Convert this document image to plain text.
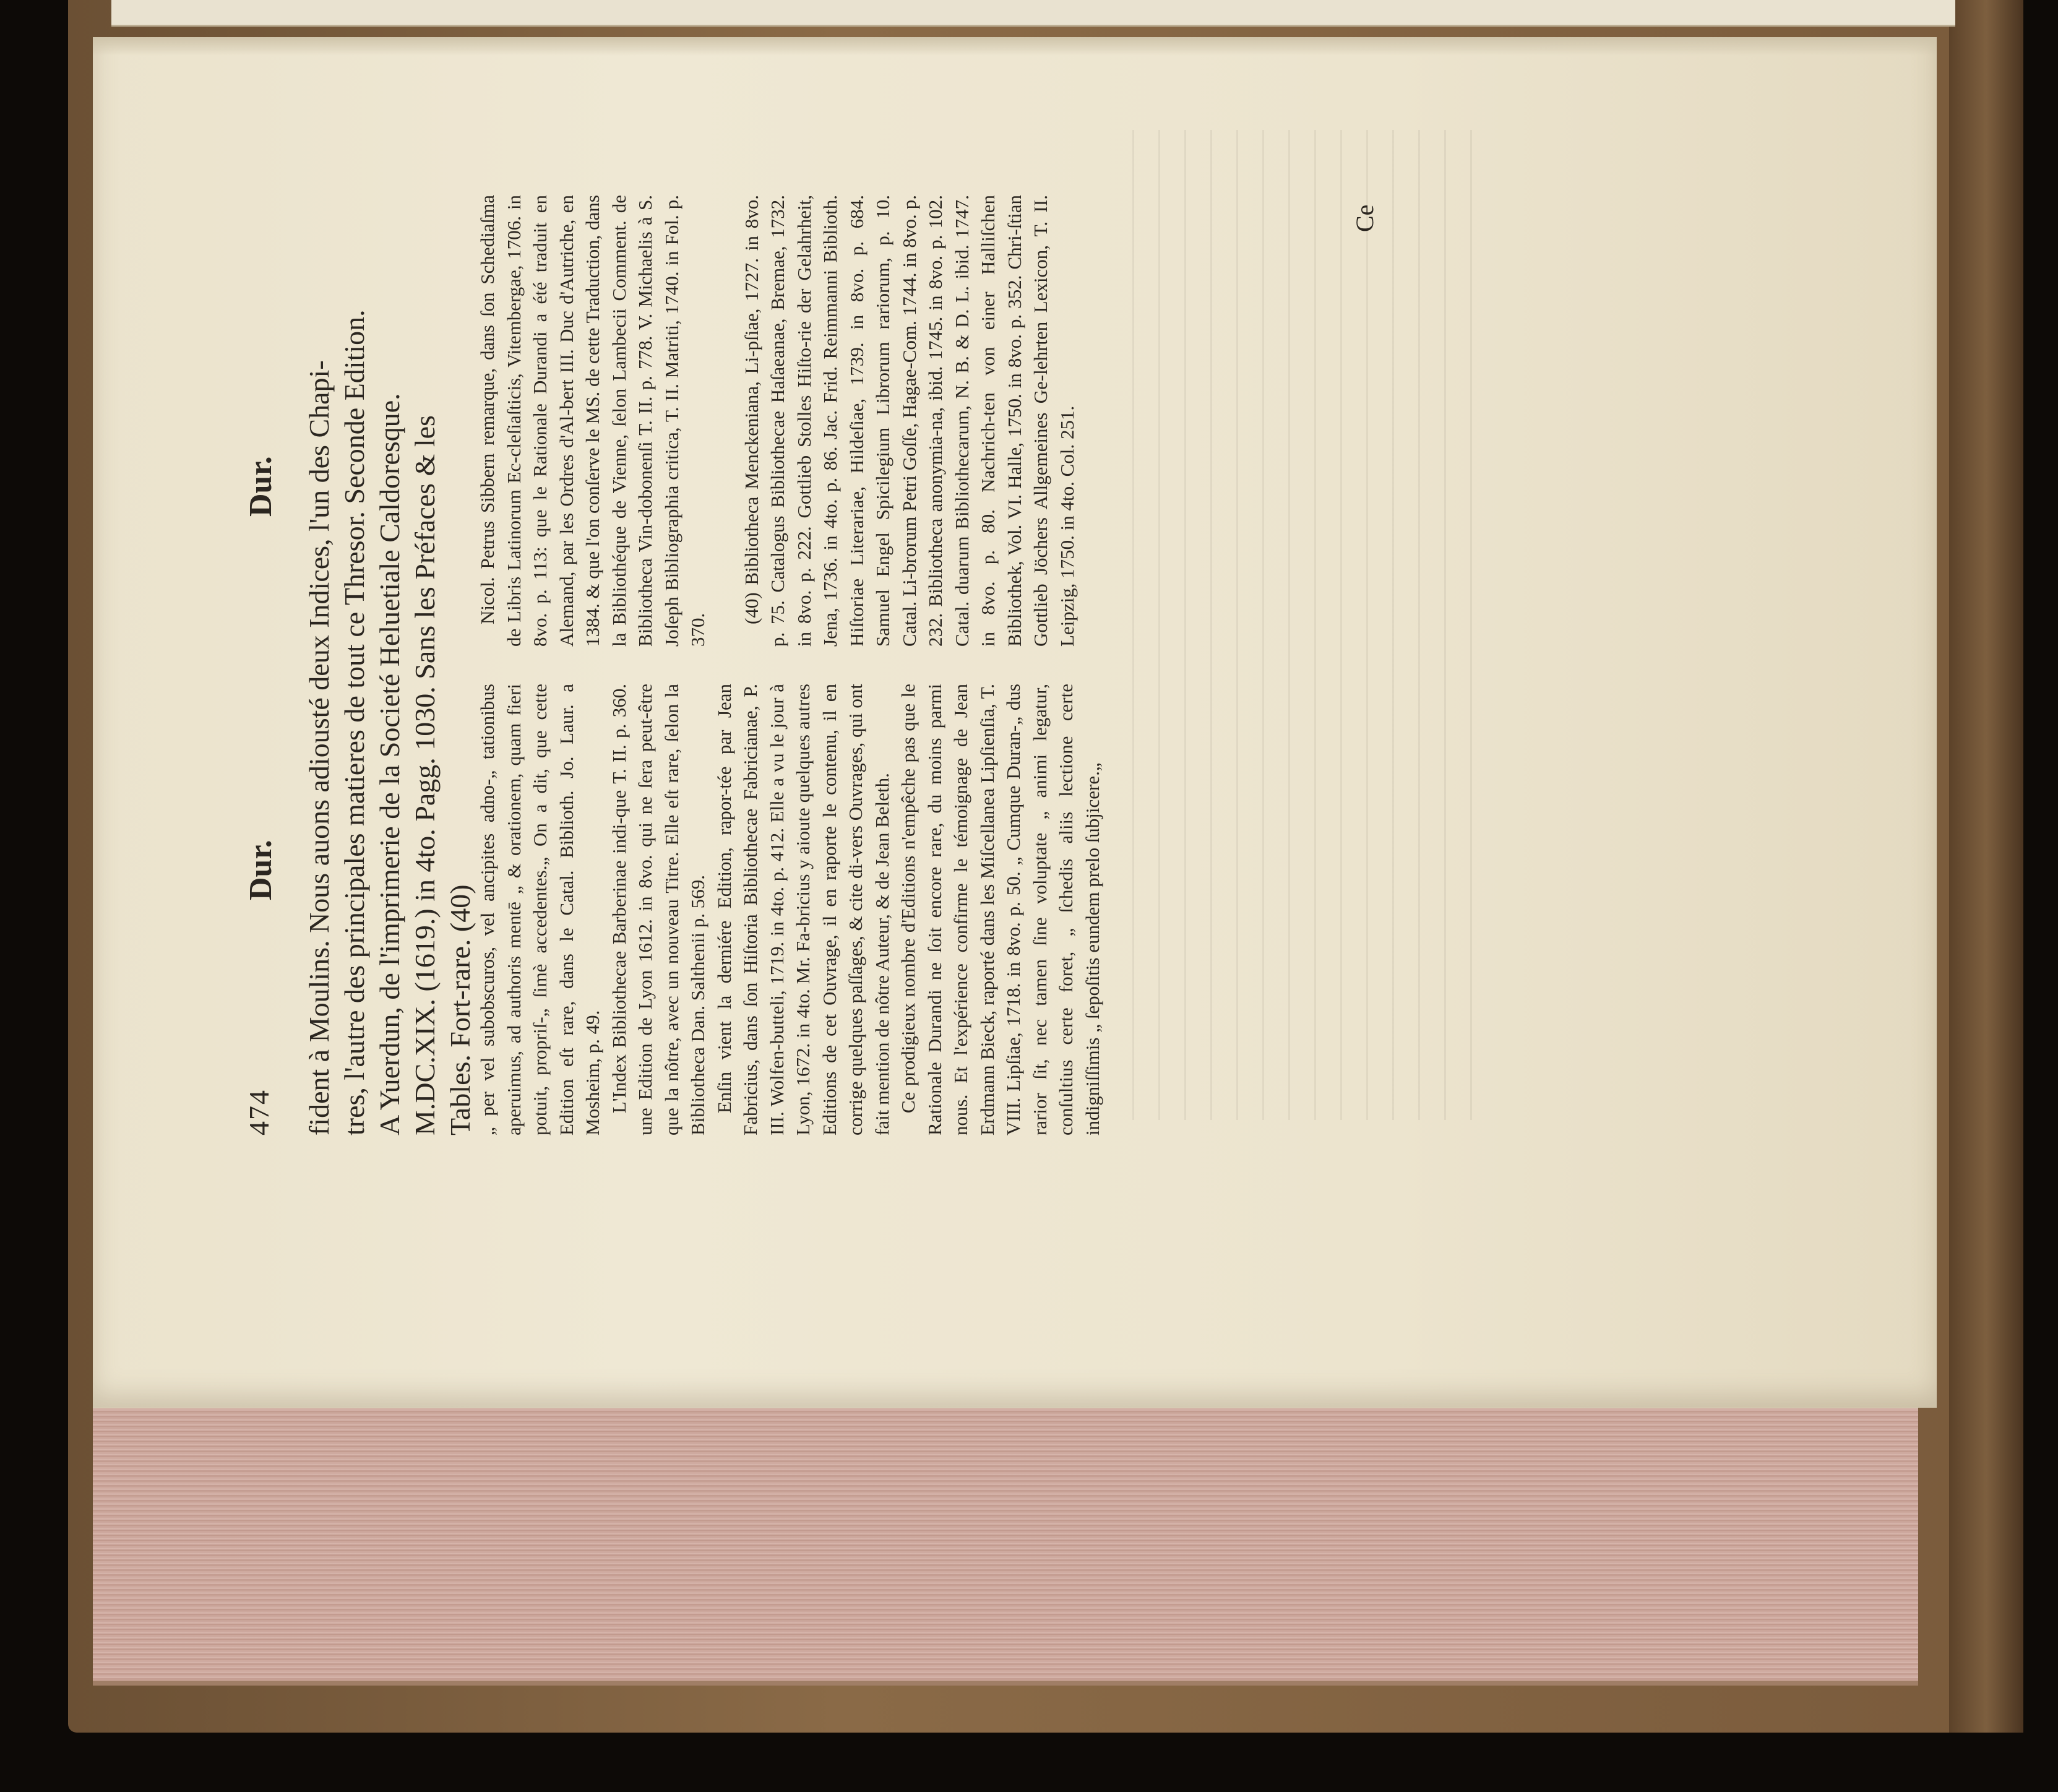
474
Dur.
Dur. fident à Moulins. Nous auons adiousté deux Indices, l'un des Chapi- tres, l'autre des principales matieres de tout ce Thresor. Seconde Edition. A Yuerdun, de l'imprimerie de la Societé Heluetiale Caldoresque. M.DC.XIX. (1619.) in 4to. Pagg. 1030. Sans les Préfaces & les Tables. Fort-rare. (40) „ per vel subobscuros, vel ancipites adno-„ tationibus aperuimus, ad authoris mentē „ & orationem, quam fieri potuit, propriſ-„ ſimè accedentes.„ On a dit, que cette Edition eſt rare, dans le Catal. Biblioth. Jo. Laur. a Mosheim, p. 49. L'Index Bibliothecae Barberinae indi-que T. II. p. 360. une Edition de Lyon 1612. in 8vo. qui ne ſera peut-être que la nôtre, avec un nouveau Titre. Elle eſt rare, ſelon la Bibliotheca Dan. Salthenii p. 569. Enſin vient la derniére Edition, rapor-tée par Jean Fabricius, dans ſon Hiſtoria Bibliothecae Fabricianae, P. III. Wolfen-butteli, 1719. in 4to. p. 412. Elle a vu le jour à Lyon, 1672. in 4to. Mr. Fa-bricius y aioute quelques autres Editions de cet Ouvrage, il en raporte le contenu, il en corrige quelques paſſages, & cite di-vers Ouvrages, qui ont fait mention de nôtre Auteur, & de Jean Beleth. Ce prodigieux nombre d'Editions n'empêche pas que le Rationale Durandi ne ſoit encore rare, du moins parmi nous. Et l'expérience confirme le témoignage de Jean Erdmann Bieck, raporté dans les Miſcellanea Lipſienſia, T. VIII. Lipſiae, 1718. in 8vo. p. 50. „ Cumque Duran-„ dus rarior ſit, nec tamen ſine voluptate „ animi legatur, conſultius certe foret, „ ſchedis aliis lectione certe indigniſſimis „ ſepoſitis eundem prelo ſubjicere.„

Nicol. Petrus Sibbern remarque, dans ſon Schediaſma de Libris Latinorum Ec-cleſiaſticis, Vitembergae, 1706. in 8vo. p. 113: que le Rationale Durandi a été traduit en Alemand, par les Ordres d'Al-bert III. Duc d'Autriche, en 1384. & que l'on conſerve le MS. de cette Traduction, dans la Bibliothéque de Vienne, ſelon Lambecii Comment. de Bibliotheca Vin-dobonenſi T. II. p. 778. V. Michaelis à S. Joſeph Bibliographia critica, T. II. Matriti, 1740. in Fol. p. 370.

(40) Bibliotheca Menckeniana, Li-pſiae, 1727. in 8vo. p. 75. Catalogus Bibliothecae Haſaeanae, Bremae, 1732. in 8vo. p. 222. Gottlieb Stolles Hiſto-rie der Gelahrheit, Jena, 1736. in 4to. p. 86. Jac. Frid. Reimmanni Biblioth. Hiſtoriae Literariae, Hildeſiae, 1739. in 8vo. p. 684. Samuel Engel Spicilegium Librorum rariorum, p. 10. Catal. Li-brorum Petri Goſſe, Hagae-Com. 1744. in 8vo. p. 232. Bibliotheca anonymia-na, ibid. 1745. in 8vo. p. 102. Catal. duarum Bibliothecarum, N. B. & D. L. ibid. 1747. in 8vo. p. 80. Nachrich-ten von einer Halliſchen Bibliothek, Vol. VI. Halle, 1750. in 8vo. p. 352. Chri-ſtian Gottlieb Jöchers Allgemeines Ge-lehrten Lexicon, T. II. Leipzig, 1750. in 4to. Col. 251.

Ce
